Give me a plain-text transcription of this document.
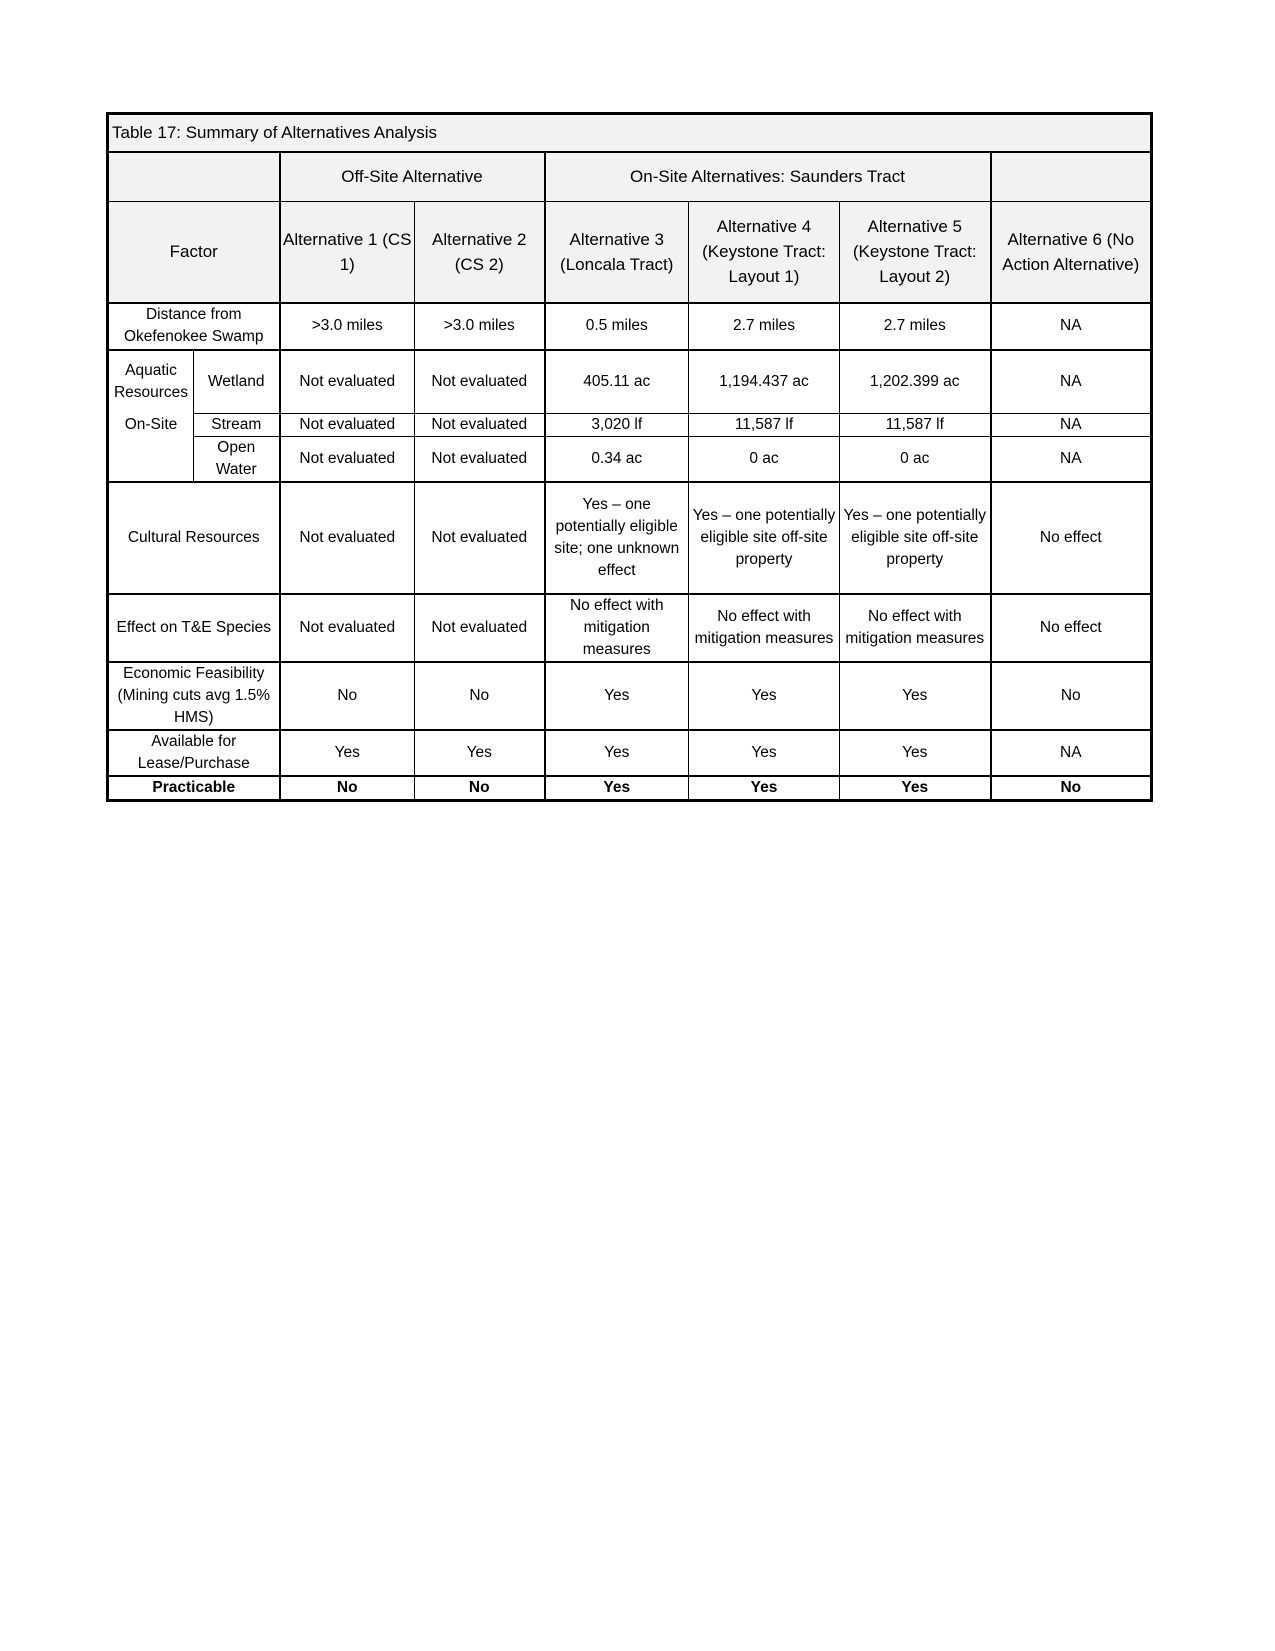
Table 17: Summary of Alternatives Analysis							
		Off-Site Alternative		On-Site Alternatives: Saunders Tract			
Factor		Alternative 1 (CS 1)	Alternative 2 (CS 2)	Alternative 3 (Loncala Tract)	Alternative 4 (Keystone Tract: Layout 1)	Alternative 5 (Keystone Tract: Layout 2)	Alternative 6 (No Action Alternative)
Distance from Okefenokee Swamp		>3.0 miles	>3.0 miles	0.5 miles	2.7 miles	2.7 miles	NA
Aquatic Resources	Wetland	Not evaluated	Not evaluated	405.11 ac	1,194.437 ac	1,202.399 ac	NA
On-Site	Stream	Not evaluated	Not evaluated	3,020 lf	11,587 lf	11,587 lf	NA
	Open Water	Not evaluated	Not evaluated	0.34 ac	0 ac	0 ac	NA
Cultural Resources		Not evaluated	Not evaluated	Yes – one potentially eligible site; one unknown effect	Yes – one potentially eligible site off-site property	Yes – one potentially eligible site off-site property	No effect
Effect on T&E Species		Not evaluated	Not evaluated	No effect with mitigation measures	No effect with mitigation measures	No effect with mitigation measures	No effect
Economic Feasibility (Mining cuts avg 1.5% HMS)		No	No	Yes	Yes	Yes	No
Available for Lease/Purchase		Yes	Yes	Yes	Yes	Yes	NA
Practicable		No	No	Yes	Yes	Yes	No
